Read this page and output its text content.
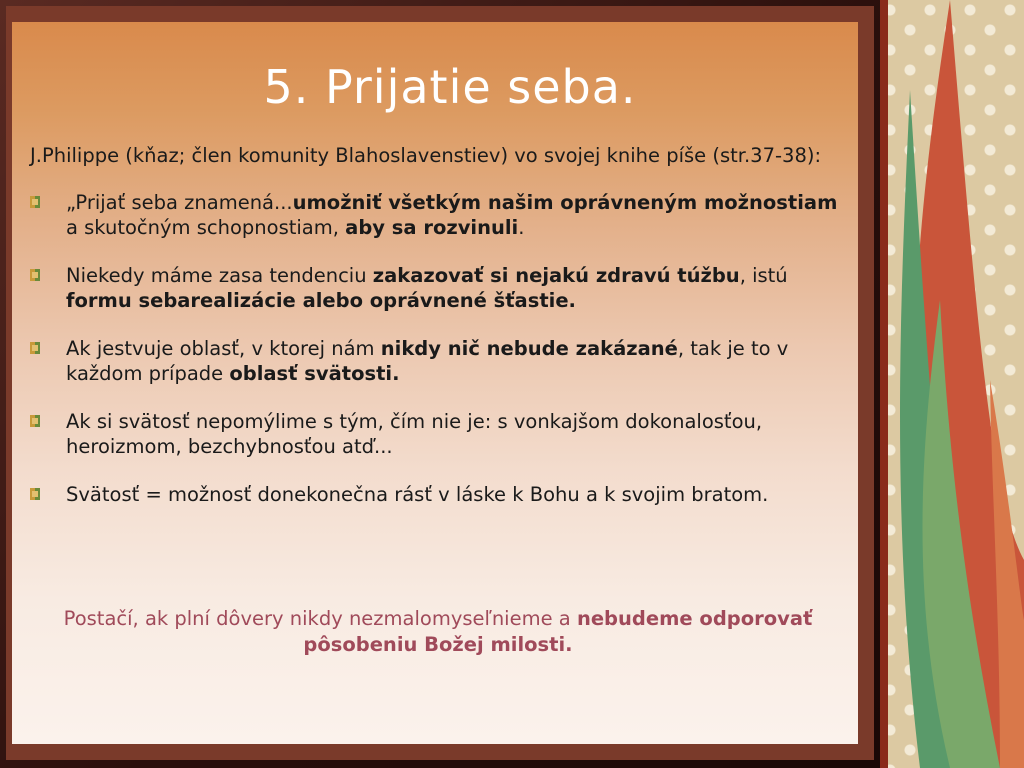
5. Prijatie seba.

J.Philippe (kňaz; člen komunity Blahoslavenstiev) vo svojej knihe píše (str.37-38):

„Prijať seba znamená...umožniť všetkým našim oprávneným možnostiam a skutočným schopnostiam, aby sa rozvinuli.
Niekedy máme zasa tendenciu zakazovať si nejakú zdravú túžbu, istú formu sebarealizácie alebo oprávnené šťastie.
Ak jestvuje oblasť, v ktorej nám nikdy nič nebude zakázané, tak je to v každom prípade oblasť svätosti.
Ak si svätosť nepomýlime s tým, čím nie je: s vonkajšom dokonalosťou, heroizmom, bezchybnosťou atď...
Svätosť = možnosť donekonečna rásť v láske k Bohu a k svojim bratom.
Postačí, ak plní dôvery nikdy nezmalomyseľnieme a nebudeme odporovať pôsobeniu Božej milosti.
